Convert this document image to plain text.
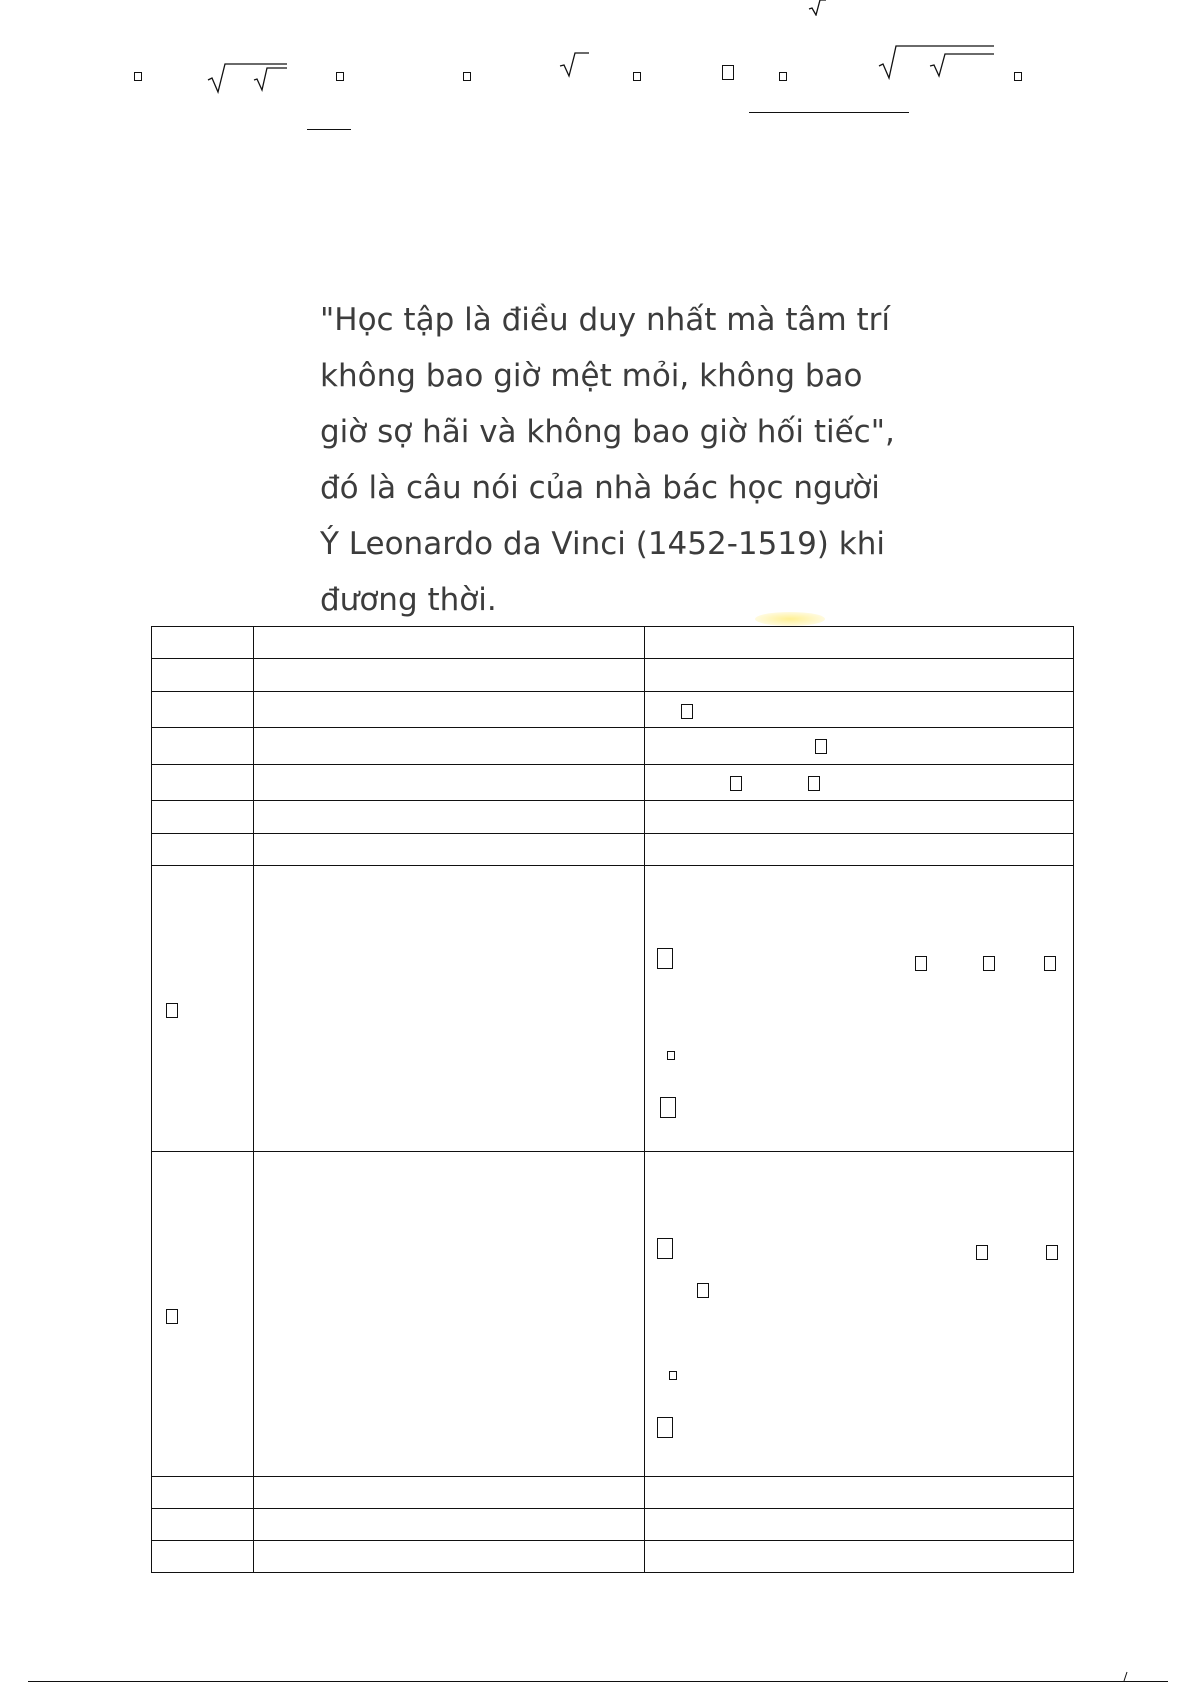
"Học tập là điều duy nhất mà tâm trí
không bao giờ mệt mỏi, không bao
giờ sợ hãi và không bao giờ hối tiếc",
đó là câu nói của nhà bác học người
Ý Leonardo da Vinci (1452-1519) khi
đương thời.
